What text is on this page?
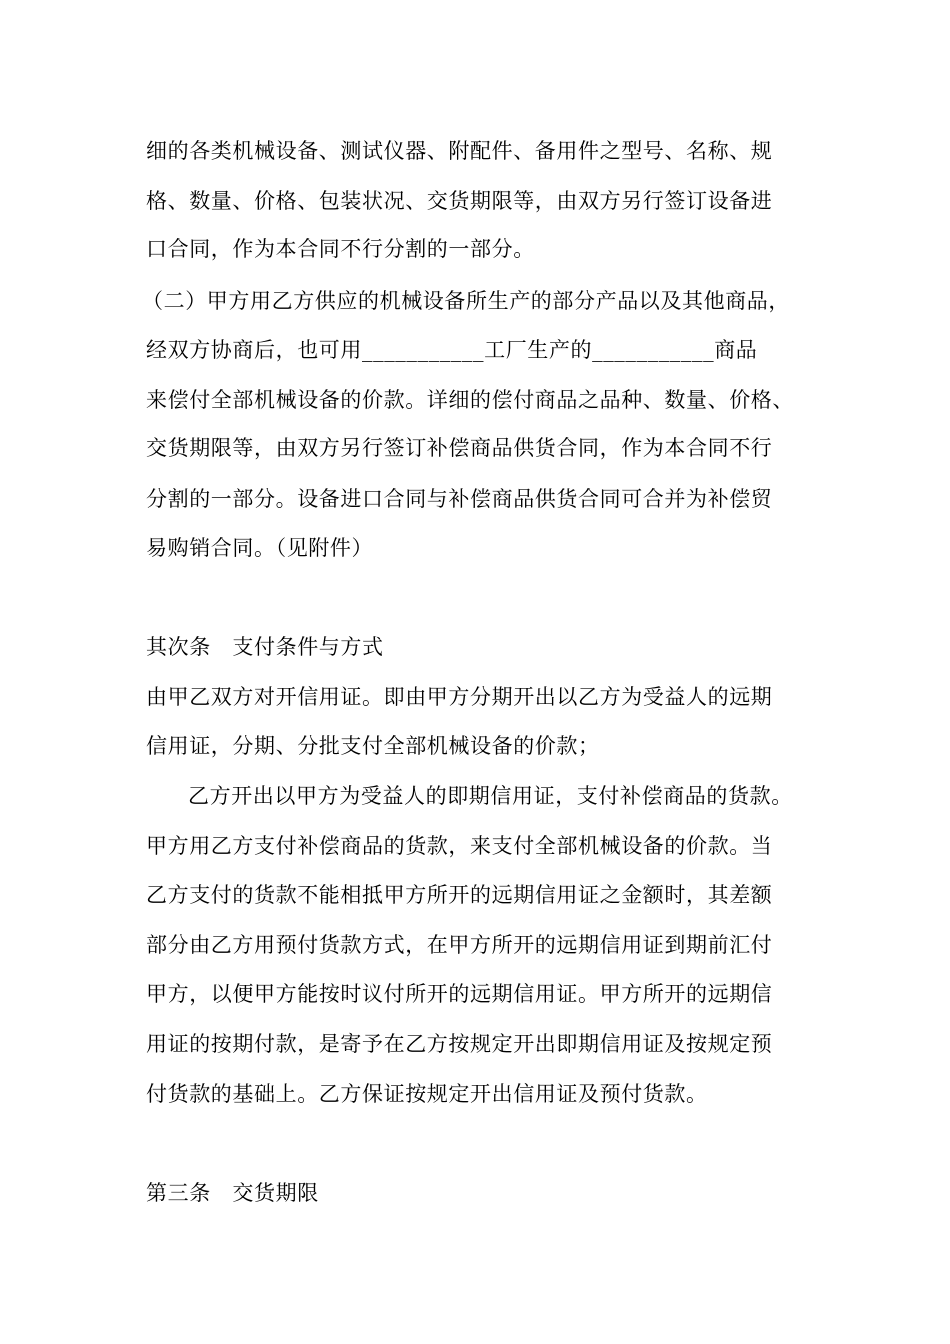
细的各类机械设备、测试仪器、附配件、备用件之型号、名称、规
格、数量、价格、包装状况、交货期限等，由双方另行签订设备进
口合同，作为本合同不行分割的一部分。
（二）甲方用乙方供应的机械设备所生产的部分产品以及其他商品，
经双方协商后，也可用___________工厂生产的___________商品
来偿付全部机械设备的价款。详细的偿付商品之品种、数量、价格、
交货期限等，由双方另行签订补偿商品供货合同，作为本合同不行
分割的一部分。设备进口合同与补偿商品供货合同可合并为补偿贸
易购销合同。（见附件）
其次条　支付条件与方式
由甲乙双方对开信用证。即由甲方分期开出以乙方为受益人的远期
信用证，分期、分批支付全部机械设备的价款；
乙方开出以甲方为受益人的即期信用证，支付补偿商品的货款。
甲方用乙方支付补偿商品的货款，来支付全部机械设备的价款。当
乙方支付的货款不能相抵甲方所开的远期信用证之金额时，其差额
部分由乙方用预付货款方式，在甲方所开的远期信用证到期前汇付
甲方，以便甲方能按时议付所开的远期信用证。甲方所开的远期信
用证的按期付款，是寄予在乙方按规定开出即期信用证及按规定预
付货款的基础上。乙方保证按规定开出信用证及预付货款。
第三条　交货期限
